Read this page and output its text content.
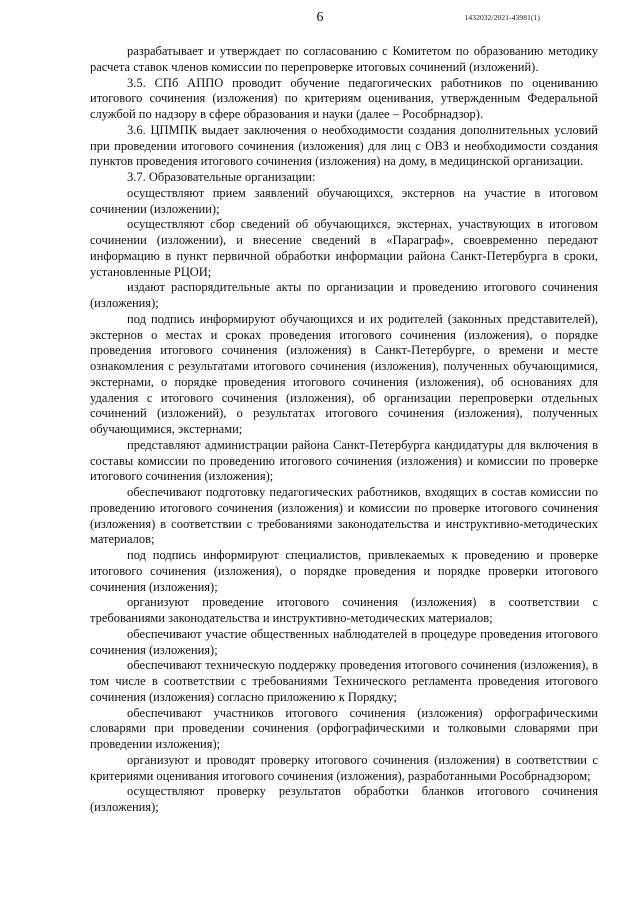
6	1432032/2021-43981(1)

разрабатывает и утверждает по согласованию с Комитетом по образованию методику расчета ставок членов комиссии по перепроверке итоговых сочинений (изложений).

3.5. СПб АППО проводит обучение педагогических работников по оцениванию итогового сочинения (изложения) по критериям оценивания, утвержденным Федеральной службой по надзору в сфере образования и науки (далее – Рособрнадзор).

3.6. ЦПМПК выдает заключения о необходимости создания дополнительных условий при проведении итогового сочинения (изложения) для лиц с ОВЗ и необходимости создания пунктов проведения итогового сочинения (изложения) на дому, в медицинской организации.

3.7. Образовательные организации:

осуществляют прием заявлений обучающихся, экстернов на участие в итоговом сочинении (изложении);

осуществляют сбор сведений об обучающихся, экстернах, участвующих в итоговом сочинении (изложении), и внесение сведений в «Параграф», своевременно передают информацию в пункт первичной обработки информации района Санкт-Петербурга в сроки, установленные РЦОИ;

издают распорядительные акты по организации и проведению итогового сочинения (изложения);

под подпись информируют обучающихся и их родителей (законных представителей), экстернов о местах и сроках проведения итогового сочинения (изложения), о порядке проведения итогового сочинения (изложения) в Санкт-Петербурге, о времени и месте ознакомления с результатами итогового сочинения (изложения), полученных обучающимися, экстернами, о порядке проведения итогового сочинения (изложения), об основаниях для удаления с итогового сочинения (изложения), об организации перепроверки отдельных сочинений (изложений), о результатах итогового сочинения (изложения), полученных обучающимися, экстернами;

представляют администрации района Санкт-Петербурга кандидатуры для включения в составы комиссии по проведению итогового сочинения (изложения) и комиссии по проверке итогового сочинения (изложения);

обеспечивают подготовку педагогических работников, входящих в состав комиссии по проведению итогового сочинения (изложения) и комиссии по проверке итогового сочинения (изложения) в соответствии с требованиями законодательства и инструктивно-методических материалов;

под подпись информируют специалистов, привлекаемых к проведению и проверке итогового сочинения (изложения), о порядке проведения и порядке проверки итогового сочинения (изложения);

организуют проведение итогового сочинения (изложения) в соответствии с требованиями законодательства и инструктивно-методических материалов;

обеспечивают участие общественных наблюдателей в процедуре проведения итогового сочинения (изложения);

обеспечивают техническую поддержку проведения итогового сочинения (изложения), в том числе в соответствии с требованиями Технического регламента проведения итогового сочинения (изложения) согласно приложению к Порядку;

обеспечивают участников итогового сочинения (изложения) орфографическими словарями при проведении сочинения (орфографическими и толковыми словарями при проведении изложения);

организуют и проводят проверку итогового сочинения (изложения) в соответствии с критериями оценивания итогового сочинения (изложения), разработанными Рособрнадзором;

осуществляют проверку результатов обработки бланков итогового сочинения (изложения);
